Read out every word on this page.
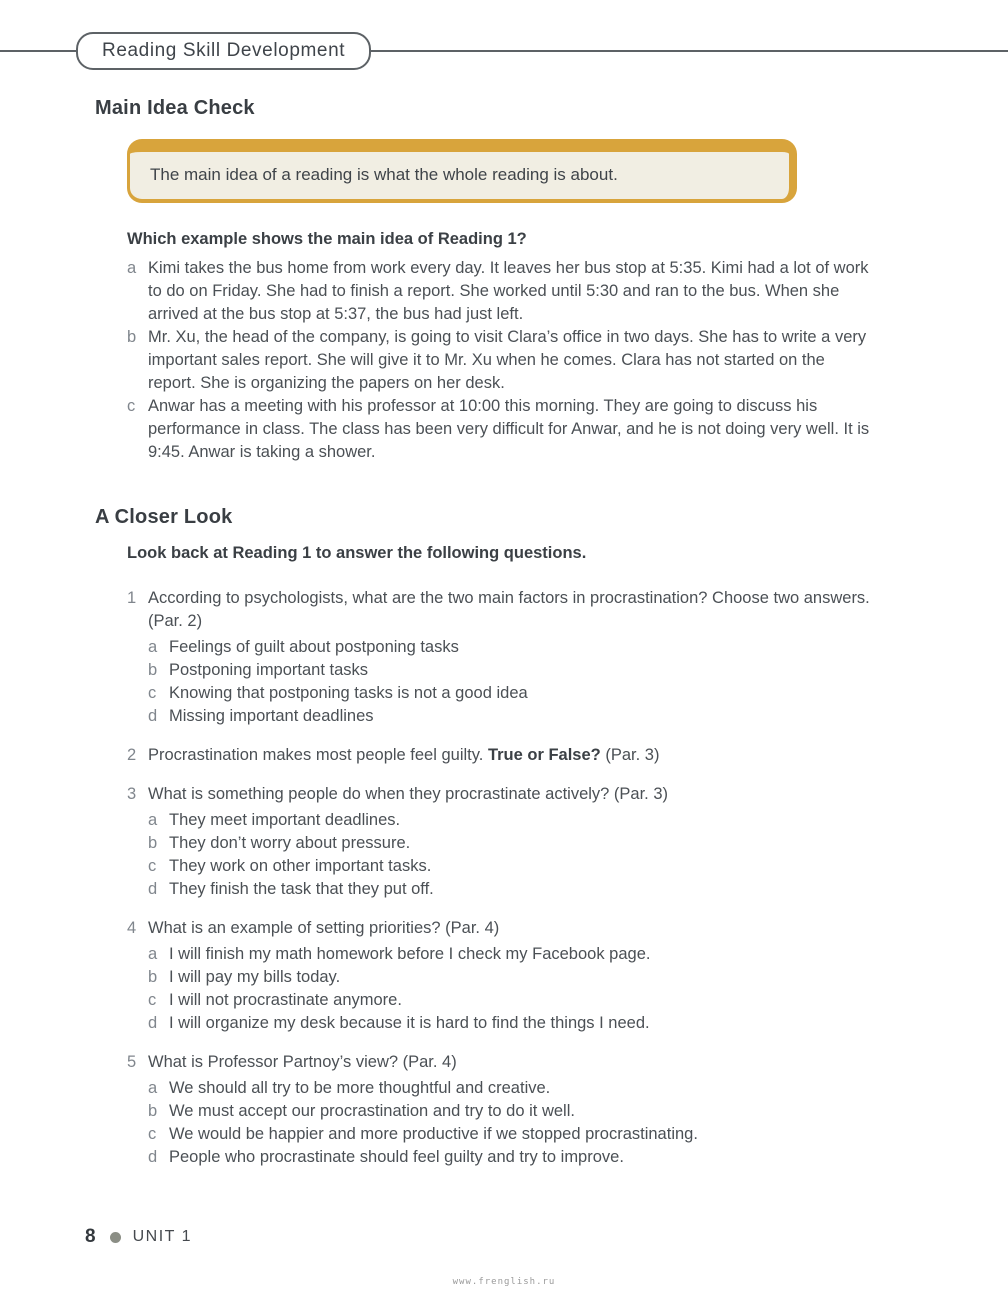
Reading Skill Development
Main Idea Check
The main idea of a reading is what the whole reading is about.
Which example shows the main idea of Reading 1?
a Kimi takes the bus home from work every day. It leaves her bus stop at 5:35. Kimi had a lot of work to do on Friday. She had to finish a report. She worked until 5:30 and ran to the bus. When she arrived at the bus stop at 5:37, the bus had just left.
b Mr. Xu, the head of the company, is going to visit Clara’s office in two days. She has to write a very important sales report. She will give it to Mr. Xu when he comes. Clara has not started on the report. She is organizing the papers on her desk.
c Anwar has a meeting with his professor at 10:00 this morning. They are going to discuss his performance in class. The class has been very difficult for Anwar, and he is not doing very well. It is 9:45. Anwar is taking a shower.
A Closer Look
Look back at Reading 1 to answer the following questions.
1 According to psychologists, what are the two main factors in procrastination? Choose two answers. (Par. 2)
a Feelings of guilt about postponing tasks
b Postponing important tasks
c Knowing that postponing tasks is not a good idea
d Missing important deadlines
2 Procrastination makes most people feel guilty. True or False? (Par. 3)
3 What is something people do when they procrastinate actively? (Par. 3)
a They meet important deadlines.
b They don’t worry about pressure.
c They work on other important tasks.
d They finish the task that they put off.
4 What is an example of setting priorities? (Par. 4)
a I will finish my math homework before I check my Facebook page.
b I will pay my bills today.
c I will not procrastinate anymore.
d I will organize my desk because it is hard to find the things I need.
5 What is Professor Partnoy’s view? (Par. 4)
a We should all try to be more thoughtful and creative.
b We must accept our procrastination and try to do it well.
c We would be happier and more productive if we stopped procrastinating.
d People who procrastinate should feel guilty and try to improve.
8 UNIT 1
www.frenglish.ru
